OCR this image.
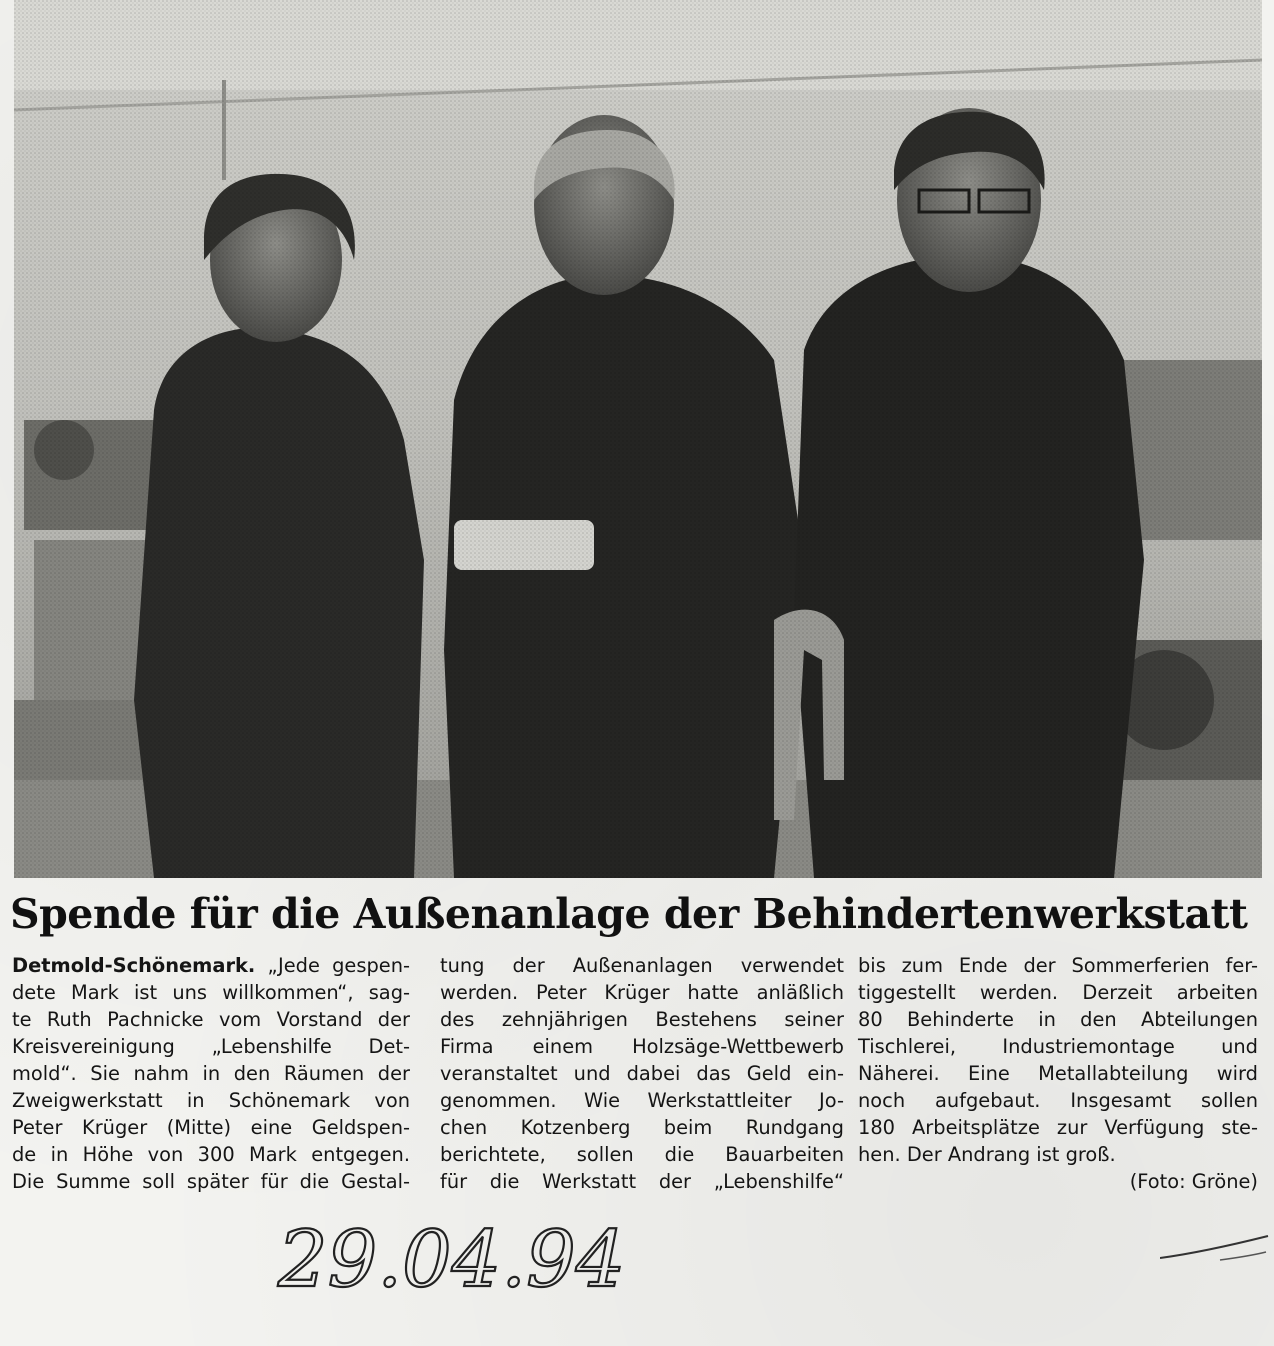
Spende für die Außenanlage der Behindertenwerkstatt

Detmold-Schönemark. „Jede gespen-

dete Mark ist uns willkommen“, sag-

te Ruth Pachnicke vom Vorstand der

Kreisvereinigung „Lebenshilfe Det-

mold“. Sie nahm in den Räumen der

Zweigwerkstatt in Schönemark von

Peter Krüger (Mitte) eine Geldspen-

de in Höhe von 300 Mark entgegen.

Die Summe soll später für die Gestal-

tung der Außenanlagen verwendet

werden. Peter Krüger hatte anläßlich

des zehnjährigen Bestehens seiner

Firma einem Holzsäge-Wettbewerb

veranstaltet und dabei das Geld ein-

genommen. Wie Werkstattleiter Jo-

chen Kotzenberg beim Rundgang

berichtete, sollen die Bauarbeiten

für die Werkstatt der „Lebenshilfe“

bis zum Ende der Sommerferien fer-

tiggestellt werden. Derzeit arbeiten

80 Behinderte in den Abteilungen

Tischlerei, Industriemontage und

Näherei. Eine Metallabteilung wird

noch aufgebaut. Insgesamt sollen

180 Arbeitsplätze zur Verfügung ste-

hen. Der Andrang ist groß.

(Foto: Gröne)
29.04.94
